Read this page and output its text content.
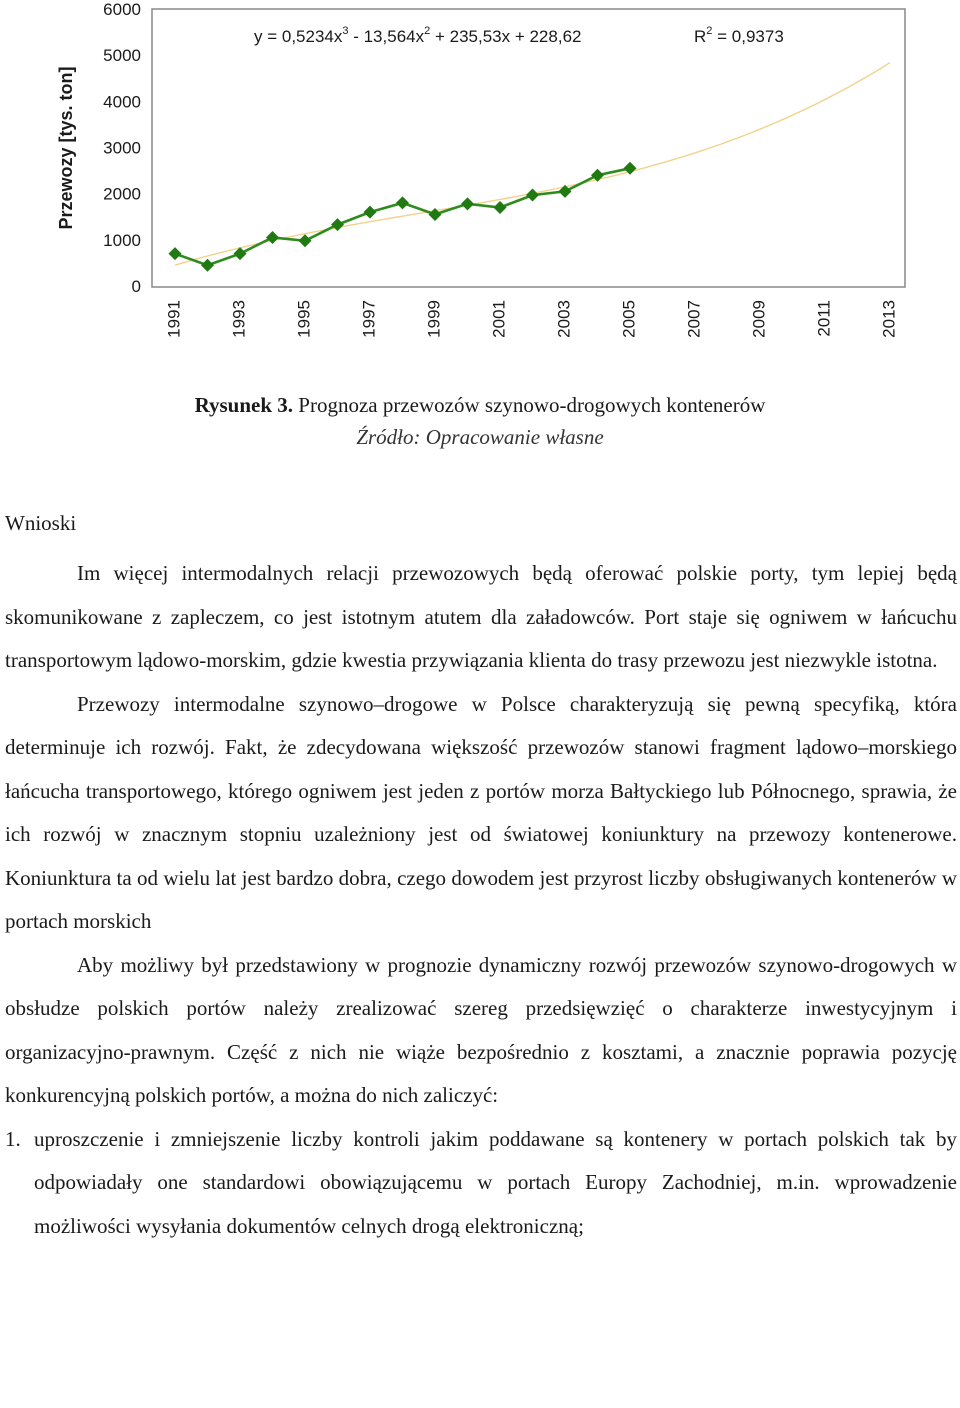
Przewozy [tys. ton]
0
1000
2000
3000
4000
5000
6000
1991	1993	1995	1997	1999	2001	2003	2005	2007	2009	2011	2013
$y = 0,5234x^3 - 13,564x^2 + 235,53x + 228,62$	$R^2 = 0,9373$
Rysunek 3. Prognoza przewozów szynowo-drogowych kontenerów
Źródło: Opracowanie własne
Wnioski

Im więcej intermodalnych relacji przewozowych będą oferować polskie porty, tym lepiej będą skomunikowane z zapleczem, co jest istotnym atutem dla załadowców. Port staje się ogniwem w łańcuchu transportowym lądowo-morskim, gdzie kwestia przywiązania klienta do trasy przewozu jest niezwykle istotna.

Przewozy intermodalne szynowo–drogowe w Polsce charakteryzują się pewną specyfiką, która determinuje ich rozwój. Fakt, że zdecydowana większość przewozów stanowi fragment lądowo–morskiego łańcucha transportowego, którego ogniwem jest jeden z portów morza Bałtyckiego lub Północnego, sprawia, że ich rozwój w znacznym stopniu uzależniony jest od światowej koniunktury na przewozy kontenerowe. Koniunktura ta od wielu lat jest bardzo dobra, czego dowodem jest przyrost liczby obsługiwanych kontenerów w portach morskich

Aby możliwy był przedstawiony w prognozie dynamiczny rozwój przewozów szynowo-drogowych w obsłudze polskich portów należy zrealizować szereg przedsięwzięć o charakterze inwestycyjnym i organizacyjno-prawnym. Część z nich nie wiąże bezpośrednio z kosztami, a znacznie poprawia pozycję konkurencyjną polskich portów, a można do nich zaliczyć:

1. uproszczenie i zmniejszenie liczby kontroli jakim poddawane są kontenery w portach polskich tak by odpowiadały one standardowi obowiązującemu w portach Europy Zachodniej, m.in. wprowadzenie możliwości wysyłania dokumentów celnych drogą elektroniczną;
